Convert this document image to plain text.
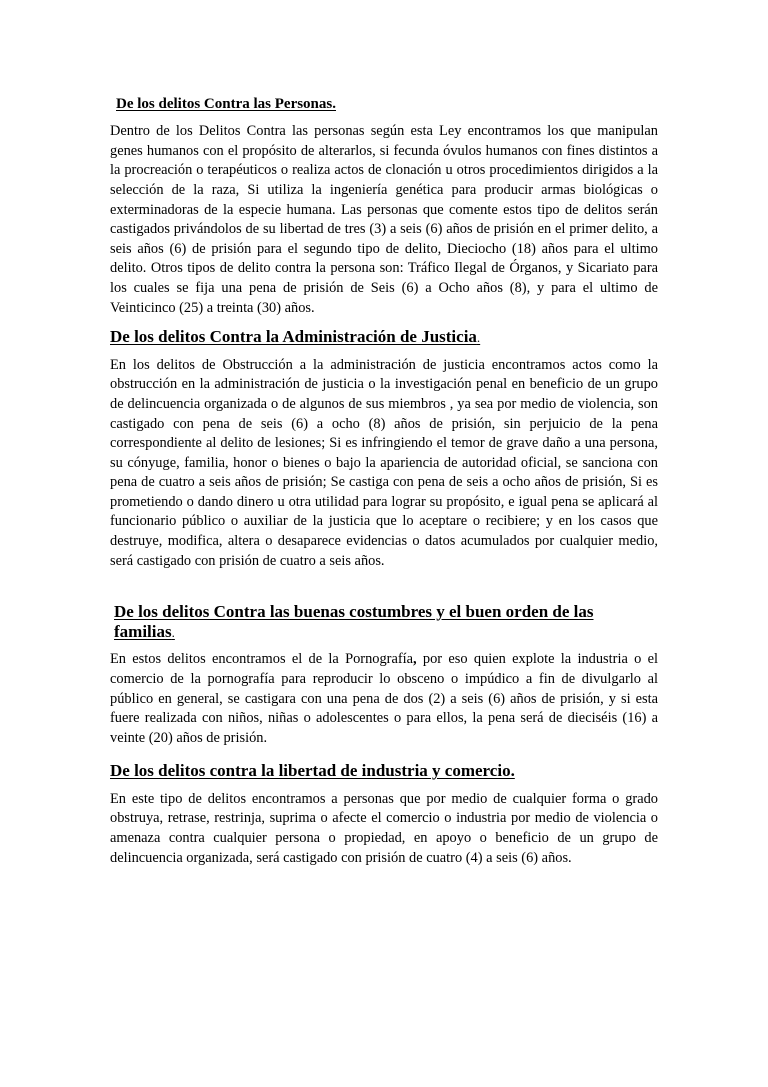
De los delitos Contra las Personas.

Dentro de los Delitos Contra las personas según esta Ley encontramos los que manipulan genes humanos con el propósito de alterarlos, si fecunda óvulos humanos con fines distintos a la procreación o terapéuticos o realiza actos de clonación u otros procedimientos dirigidos a la selección de la raza, Si utiliza la ingeniería genética para producir armas biológicas o exterminadoras de la especie humana. Las personas que comente estos tipo de delitos serán castigados privándolos de su libertad de tres (3) a seis (6) años de prisión en el primer delito, a seis años (6) de prisión para el segundo tipo de delito, Dieciocho (18) años para el ultimo delito. Otros tipos de delito contra la persona son: Tráfico Ilegal de Órganos, y Sicariato para los cuales se fija una pena de prisión de Seis (6) a Ocho años (8), y para el ultimo de Veinticinco (25) a treinta (30) años.

De los delitos Contra la Administración de Justicia.

En los delitos de Obstrucción a la administración de justicia encontramos actos como la obstrucción en la administración de justicia o la investigación penal en beneficio de un grupo de delincuencia organizada o de algunos de sus miembros , ya sea por medio de violencia, son castigado con pena de seis (6) a ocho (8) años de prisión, sin perjuicio de la pena correspondiente al delito de lesiones; Si es infringiendo el temor de grave daño a una persona, su cónyuge, familia, honor o bienes o bajo la apariencia de autoridad oficial, se sanciona con pena de cuatro a seis años de prisión; Se castiga con pena de seis a ocho años de prisión, Si es prometiendo o dando dinero u otra utilidad para lograr su propósito, e igual pena se aplicará al funcionario público o auxiliar de la justicia que lo aceptare o recibiere; y en los casos que destruye, modifica, altera o desaparece evidencias o datos acumulados por cualquier medio, será castigado con prisión de cuatro a seis años.

De los delitos Contra las buenas costumbres y el buen orden de las familias.

En estos delitos encontramos el de la Pornografía, por eso quien explote la industria o el comercio de la pornografía para reproducir lo obsceno o impúdico a fin de divulgarlo al público en general, se castigara con una pena de dos (2) a seis (6) años de prisión, y si esta fuere realizada con niños, niñas o adolescentes o para ellos, la pena será de dieciséis (16) a veinte (20) años de prisión.

De los delitos contra la libertad de industria y comercio.

En este tipo de delitos encontramos a personas que por medio de cualquier forma o grado obstruya, retrase, restrinja, suprima o afecte el comercio o industria por medio de violencia o amenaza contra cualquier persona o propiedad, en apoyo o beneficio de un grupo de delincuencia organizada, será castigado con prisión de cuatro (4) a seis (6) años.
